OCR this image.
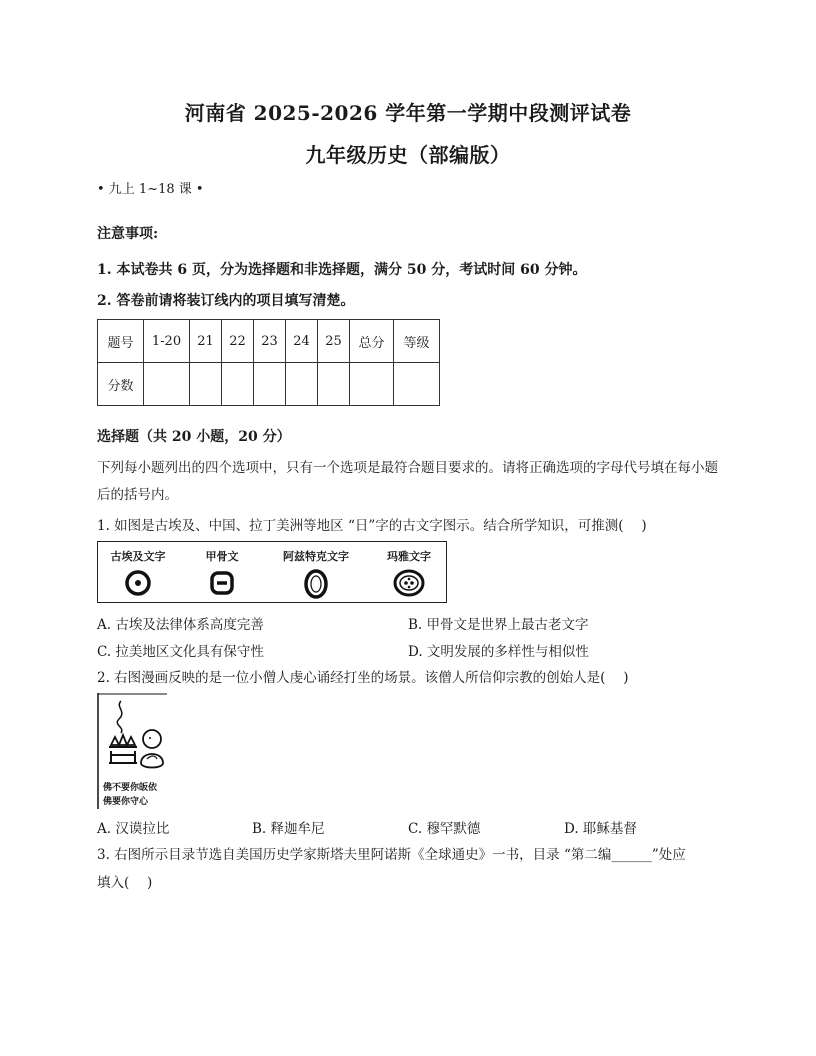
河南省 2025-2026 学年第一学期中段测评试卷
九年级历史（部编版）
• 九上 1~18 课 •
注意事项:
1. 本试卷共 6 页，分为选择题和非选择题，满分 50 分，考试时间 60 分钟。
2. 答卷前请将装订线内的项目填写清楚。
题号	1-20	21	22	23	24	25	总分	等级
分数								
选择题（共 20 小题，20 分）
下列每小题列出的四个选项中，只有一个选项是最符合题目要求的。请将正确选项的字母代号填在每小题后的括号内。
1. 如图是古埃及、中国、拉丁美洲等地区 “日”字的古文字图示。结合所学知识，可推测(　 )
古埃及文字	甲骨文	阿兹特克文字	玛雅文字
A. 古埃及法律体系高度完善	B. 甲骨文是世界上最古老文字
C. 拉美地区文化具有保守性	D. 文明发展的多样性与相似性
2. 右图漫画反映的是一位小僧人虔心诵经打坐的场景。该僧人所信仰宗教的创始人是(　 )
佛不要你皈依
佛要你守心
A. 汉谟拉比	B. 释迦牟尼	C. 穆罕默德	D. 耶稣基督
3. 右图所示目录节选自美国历史学家斯塔夫里阿诺斯《全球通史》一书，目录 “第二编______”处应
填入(　 )
